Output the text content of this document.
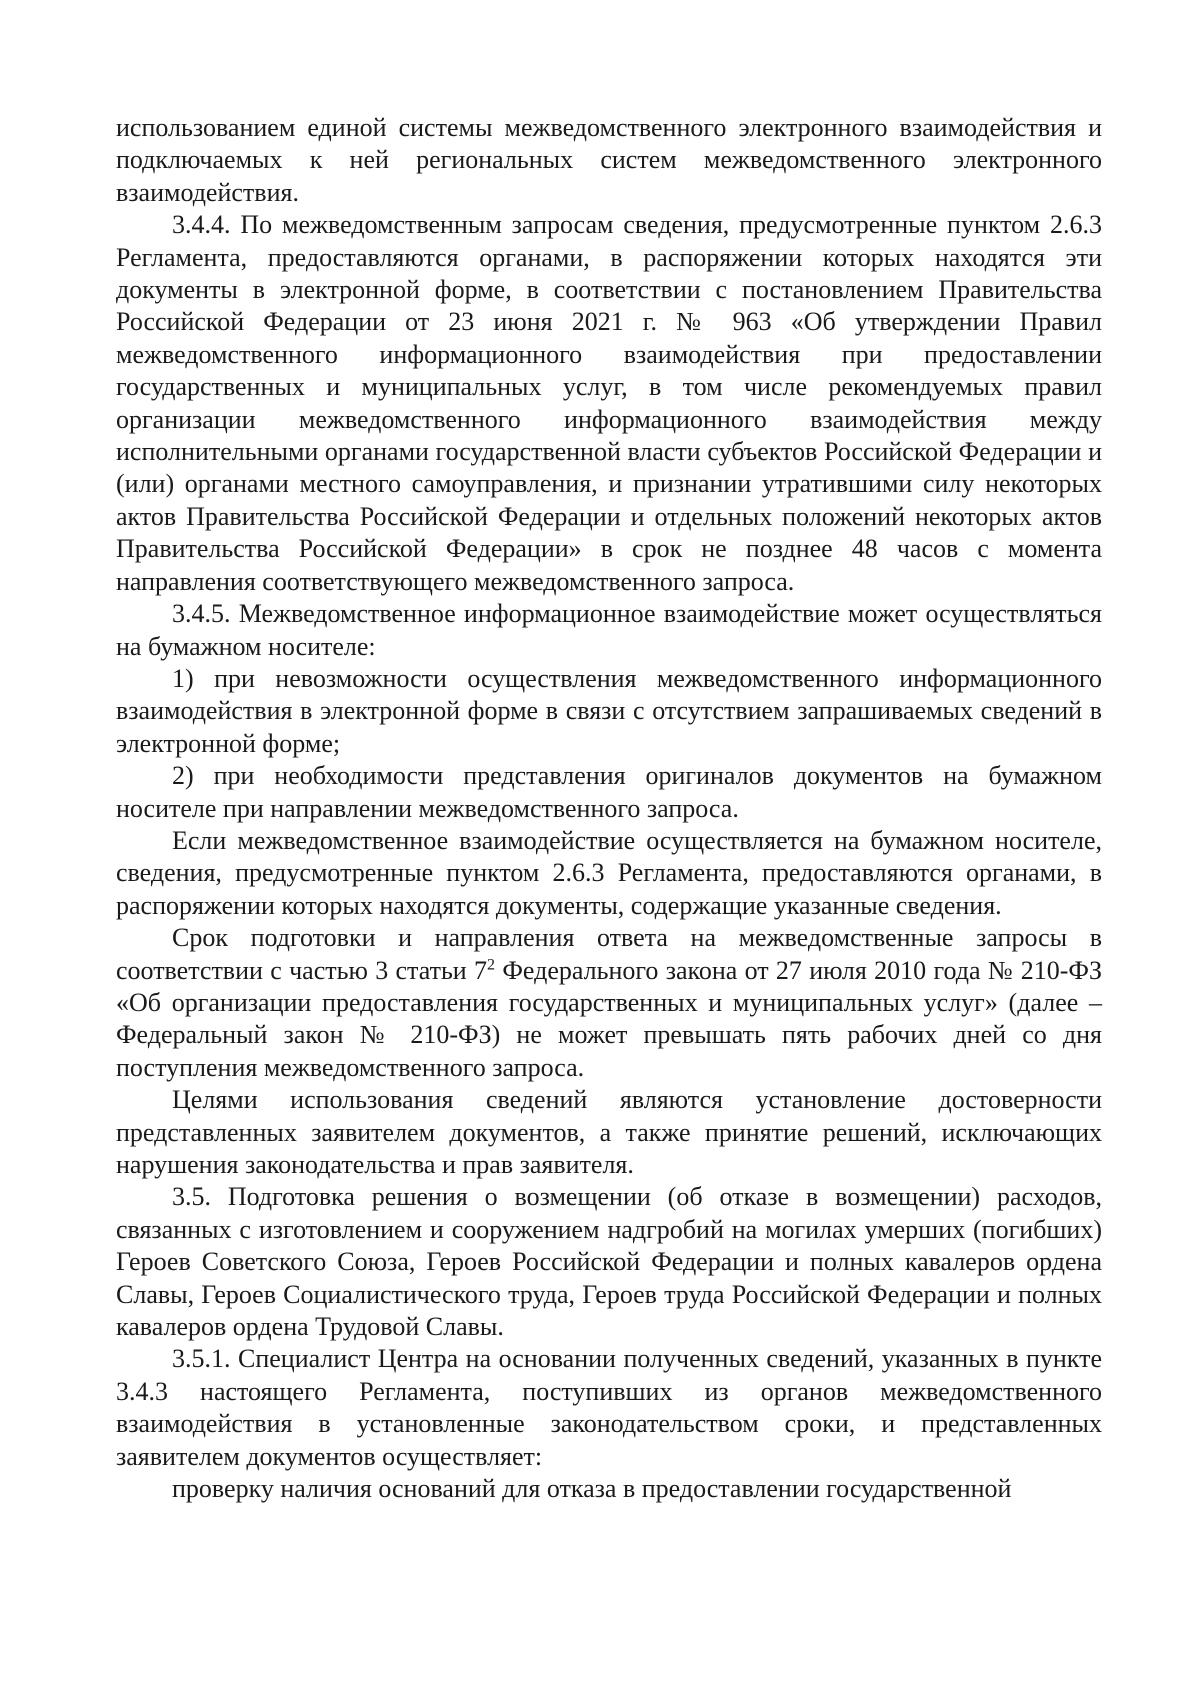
использованием единой системы межведомственного электронного взаимодействия и подключаемых к ней региональных систем межведомственного электронного взаимодействия.

3.4.4. По межведомственным запросам сведения, предусмотренные пунктом 2.6.3 Регламента, предоставляются органами, в распоряжении которых находятся эти документы в электронной форме, в соответствии с постановлением Правительства Российской Федерации от 23 июня 2021 г. № 963 «Об утверждении Правил межведомственного информационного взаимодействия при предоставлении государственных и муниципальных услуг, в том числе рекомендуемых правил организации межведомственного информационного взаимодействия между исполнительными органами государственной власти субъектов Российской Федерации и (или) органами местного самоуправления, и признании утратившими силу некоторых актов Правительства Российской Федерации и отдельных положений некоторых актов Правительства Российской Федерации» в срок не позднее 48 часов с момента направления соответствующего межведомственного запроса.

3.4.5. Межведомственное информационное взаимодействие может осуществляться на бумажном носителе:

1) при невозможности осуществления межведомственного информационного взаимодействия в электронной форме в связи с отсутствием запрашиваемых сведений в электронной форме;

2) при необходимости представления оригиналов документов на бумажном носителе при направлении межведомственного запроса.

Если межведомственное взаимодействие осуществляется на бумажном носителе, сведения, предусмотренные пунктом 2.6.3 Регламента, предоставляются органами, в распоряжении которых находятся документы, содержащие указанные сведения.

Срок подготовки и направления ответа на межведомственные запросы в соответствии с частью 3 статьи $7^2$ Федерального закона от 27 июля 2010 года № 210-ФЗ «Об организации предоставления государственных и муниципальных услуг» (далее – Федеральный закон № 210-ФЗ) не может превышать пять рабочих дней со дня поступления межведомственного запроса.

Целями использования сведений являются установление достоверности представленных заявителем документов, а также принятие решений, исключающих нарушения законодательства и прав заявителя.

3.5. Подготовка решения о возмещении (об отказе в возмещении) расходов, связанных с изготовлением и сооружением надгробий на могилах умерших (погибших) Героев Советского Союза, Героев Российской Федерации и полных кавалеров ордена Славы, Героев Социалистического труда, Героев труда Российской Федерации и полных кавалеров ордена Трудовой Славы.

3.5.1. Специалист Центра на основании полученных сведений, указанных в пункте 3.4.3 настоящего Регламента, поступивших из органов межведомственного взаимодействия в установленные законодательством сроки, и представленных заявителем документов осуществляет:

проверку наличия оснований для отказа в предоставлении государственной
